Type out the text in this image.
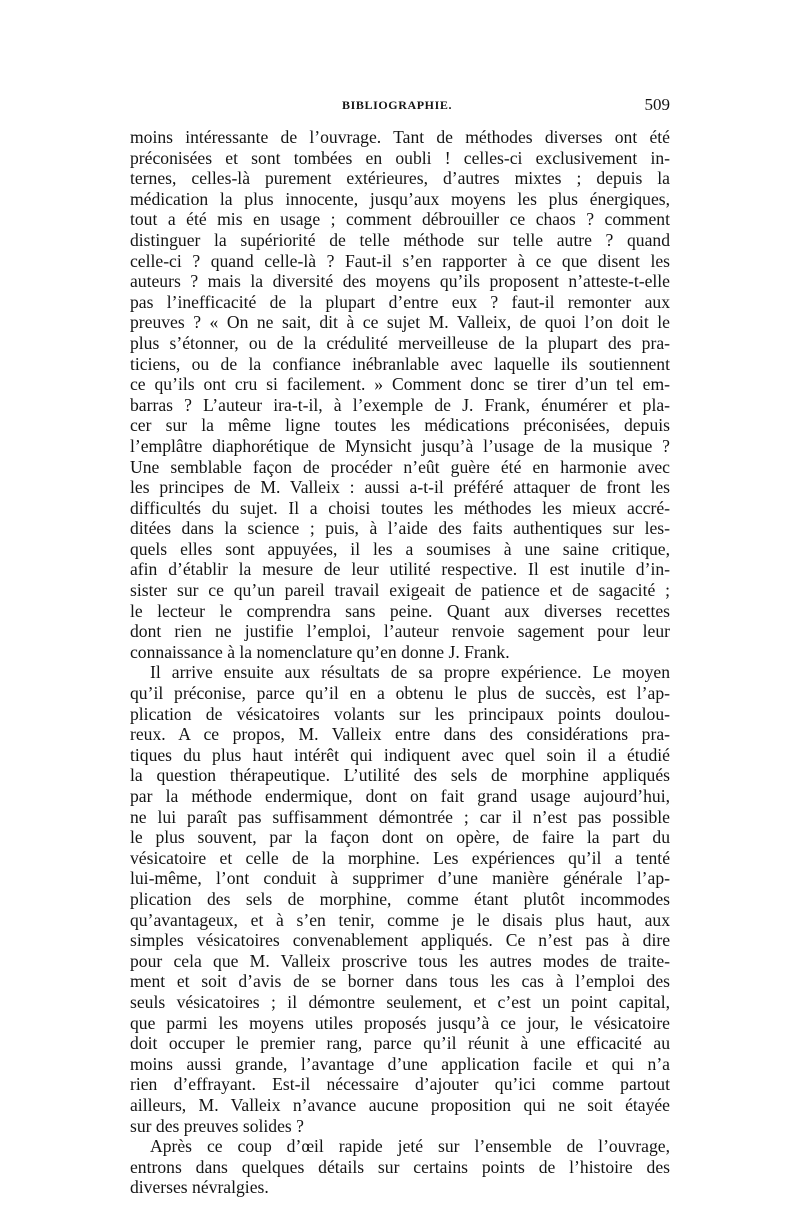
BIBLIOGRAPHIE.	509
moins intéressante de l’ouvrage. Tant de méthodes diverses ont été
préconisées et sont tombées en oubli ! celles-ci exclusivement in-
ternes, celles-là purement extérieures, d’autres mixtes ; depuis la
médication la plus innocente, jusqu’aux moyens les plus énergiques,
tout a été mis en usage ; comment débrouiller ce chaos ? comment
distinguer la supériorité de telle méthode sur telle autre ? quand
celle-ci ? quand celle-là ? Faut-il s’en rapporter à ce que disent les
auteurs ? mais la diversité des moyens qu’ils proposent n’atteste-t-elle
pas l’inefficacité de la plupart d’entre eux ? faut-il remonter aux
preuves ? « On ne sait, dit à ce sujet M. Valleix, de quoi l’on doit le
plus s’étonner, ou de la crédulité merveilleuse de la plupart des pra-
ticiens, ou de la confiance inébranlable avec laquelle ils soutiennent
ce qu’ils ont cru si facilement. » Comment donc se tirer d’un tel em-
barras ? L’auteur ira-t-il, à l’exemple de J. Frank, énumérer et pla-
cer sur la même ligne toutes les médications préconisées, depuis
l’emplâtre diaphorétique de Mynsicht jusqu’à l’usage de la musique ?
Une semblable façon de procéder n’eût guère été en harmonie avec
les principes de M. Valleix : aussi a-t-il préféré attaquer de front les
difficultés du sujet. Il a choisi toutes les méthodes les mieux accré-
ditées dans la science ; puis, à l’aide des faits authentiques sur les-
quels elles sont appuyées, il les a soumises à une saine critique,
afin d’établir la mesure de leur utilité respective. Il est inutile d’in-
sister sur ce qu’un pareil travail exigeait de patience et de sagacité ;
le lecteur le comprendra sans peine. Quant aux diverses recettes
dont rien ne justifie l’emploi, l’auteur renvoie sagement pour leur
connaissance à la nomenclature qu’en donne J. Frank.
Il arrive ensuite aux résultats de sa propre expérience. Le moyen
qu’il préconise, parce qu’il en a obtenu le plus de succès, est l’ap-
plication de vésicatoires volants sur les principaux points doulou-
reux. A ce propos, M. Valleix entre dans des considérations pra-
tiques du plus haut intérêt qui indiquent avec quel soin il a étudié
la question thérapeutique. L’utilité des sels de morphine appliqués
par la méthode endermique, dont on fait grand usage aujourd’hui,
ne lui paraît pas suffisamment démontrée ; car il n’est pas possible
le plus souvent, par la façon dont on opère, de faire la part du
vésicatoire et celle de la morphine. Les expériences qu’il a tenté
lui-même, l’ont conduit à supprimer d’une manière générale l’ap-
plication des sels de morphine, comme étant plutôt incommodes
qu’avantageux, et à s’en tenir, comme je le disais plus haut, aux
simples vésicatoires convenablement appliqués. Ce n’est pas à dire
pour cela que M. Valleix proscrive tous les autres modes de traite-
ment et soit d’avis de se borner dans tous les cas à l’emploi des
seuls vésicatoires ; il démontre seulement, et c’est un point capital,
que parmi les moyens utiles proposés jusqu’à ce jour, le vésicatoire
doit occuper le premier rang, parce qu’il réunit à une efficacité au
moins aussi grande, l’avantage d’une application facile et qui n’a
rien d’effrayant. Est-il nécessaire d’ajouter qu’ici comme partout
ailleurs, M. Valleix n’avance aucune proposition qui ne soit étayée
sur des preuves solides ?
Après ce coup d’œil rapide jeté sur l’ensemble de l’ouvrage,
entrons dans quelques détails sur certains points de l’histoire des
diverses névralgies.
